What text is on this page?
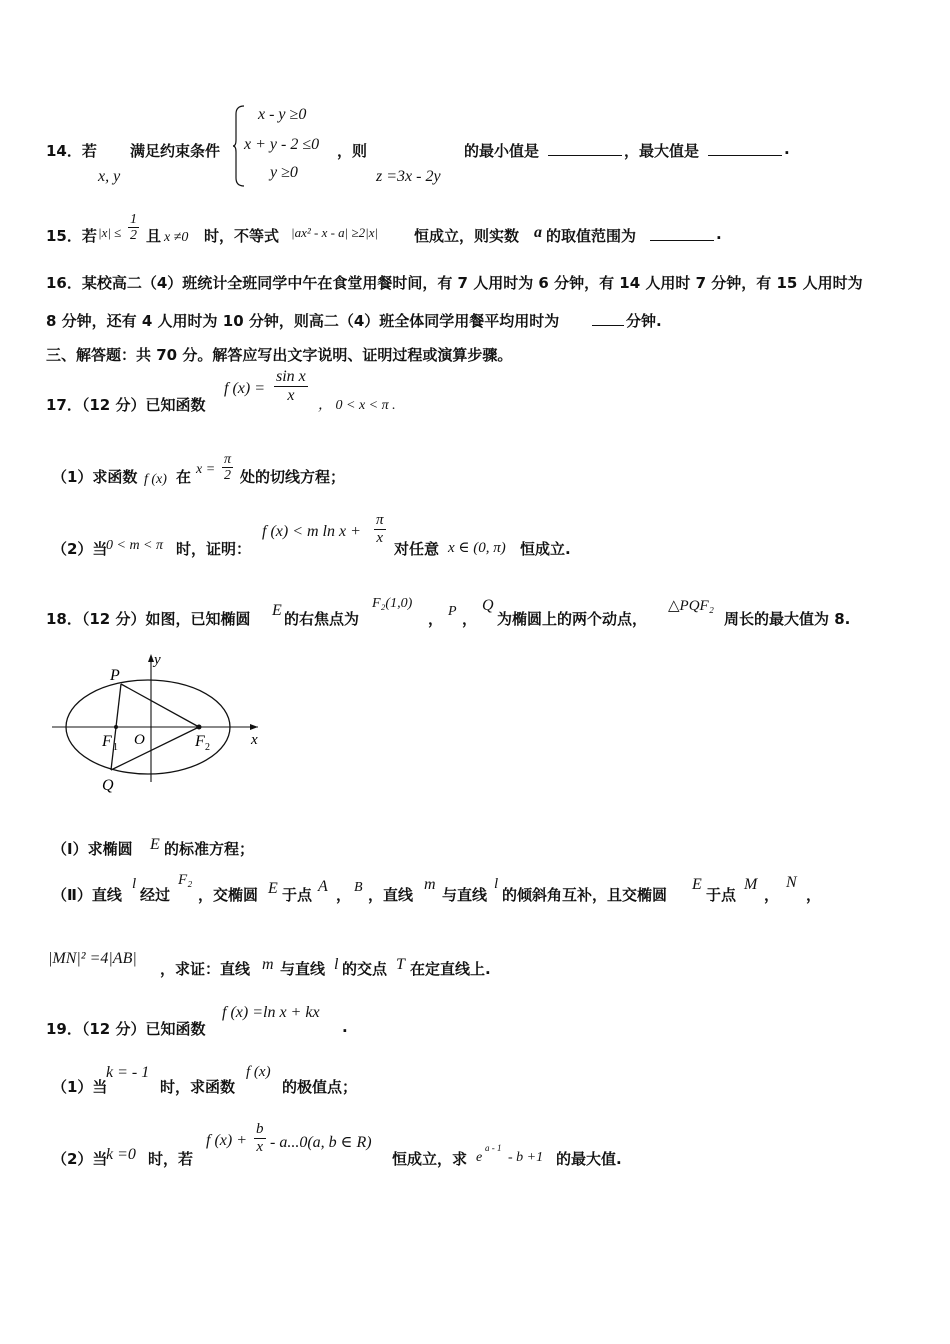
14．若
x, y
满足约束条件
x - y ≥0
x + y - 2 ≤0
y ≥0
，则
z =3x - 2y
的最小值是	，最大值是	.
15．若 $|x| \le \frac{1}{2}$ 且 x ≠0 时，不等式 |ax² - x - a| ≥2|x| 恒成立，则实数 a 的取值范围为	.
16．某校高二（4）班统计全班同学中午在食堂用餐时间，有 7 人用时为 6 分钟，有 14 人用时 7 分钟，有 15 人用时为
8 分钟，还有 4 人用时为 10 分钟，则高二（4）班全体同学用餐平均用时为	分钟.
三、解答题：共 70 分。解答应写出文字说明、证明过程或演算步骤。
17．（12 分）已知函数
f $(x) = \frac{\text{sin x}}{x}$
， 0 < x < π .
（1）求函数 f (x) 在 $x = \frac{\pi}{2}$ 处的切线方程；
（2）当
0 < m < π 时，证明：
f (x) < m $\ln x + \frac{\pi}{x}$
对任意 x ∈ (0, π) 恒成立.
18．（12 分）如图，已知椭圆 E 的右焦点为
F₂(1,0)
， P ，
Q
为椭圆上的两个动点，
△PQF₂
周长的最大值为 8.
P
y
F 1 O	F 2	x
Q
（Ⅰ）求椭圆 E 的标准方程；
（Ⅱ）直线
l
经过
F₂
，交椭圆 E 于点 A ， B ，直线
m
与直线
l
的倾斜角互补，且交椭圆
E
于点
M
，
N
，
|MN|² =4|AB|
，求证：直线 m 与直线 l 的交点 T 在定直线上.
19．（12 分）已知函数
f (x) =ln x + kx
.
（1）当
k = - 1
时，求函数
f (x)
的极值点；
（2）当
k =0 时，若
f $(x) + \frac{b}{x} - a...0(a$, b ∈ R)
恒成立，求 e
a - 1
- b +1 的最大值.
